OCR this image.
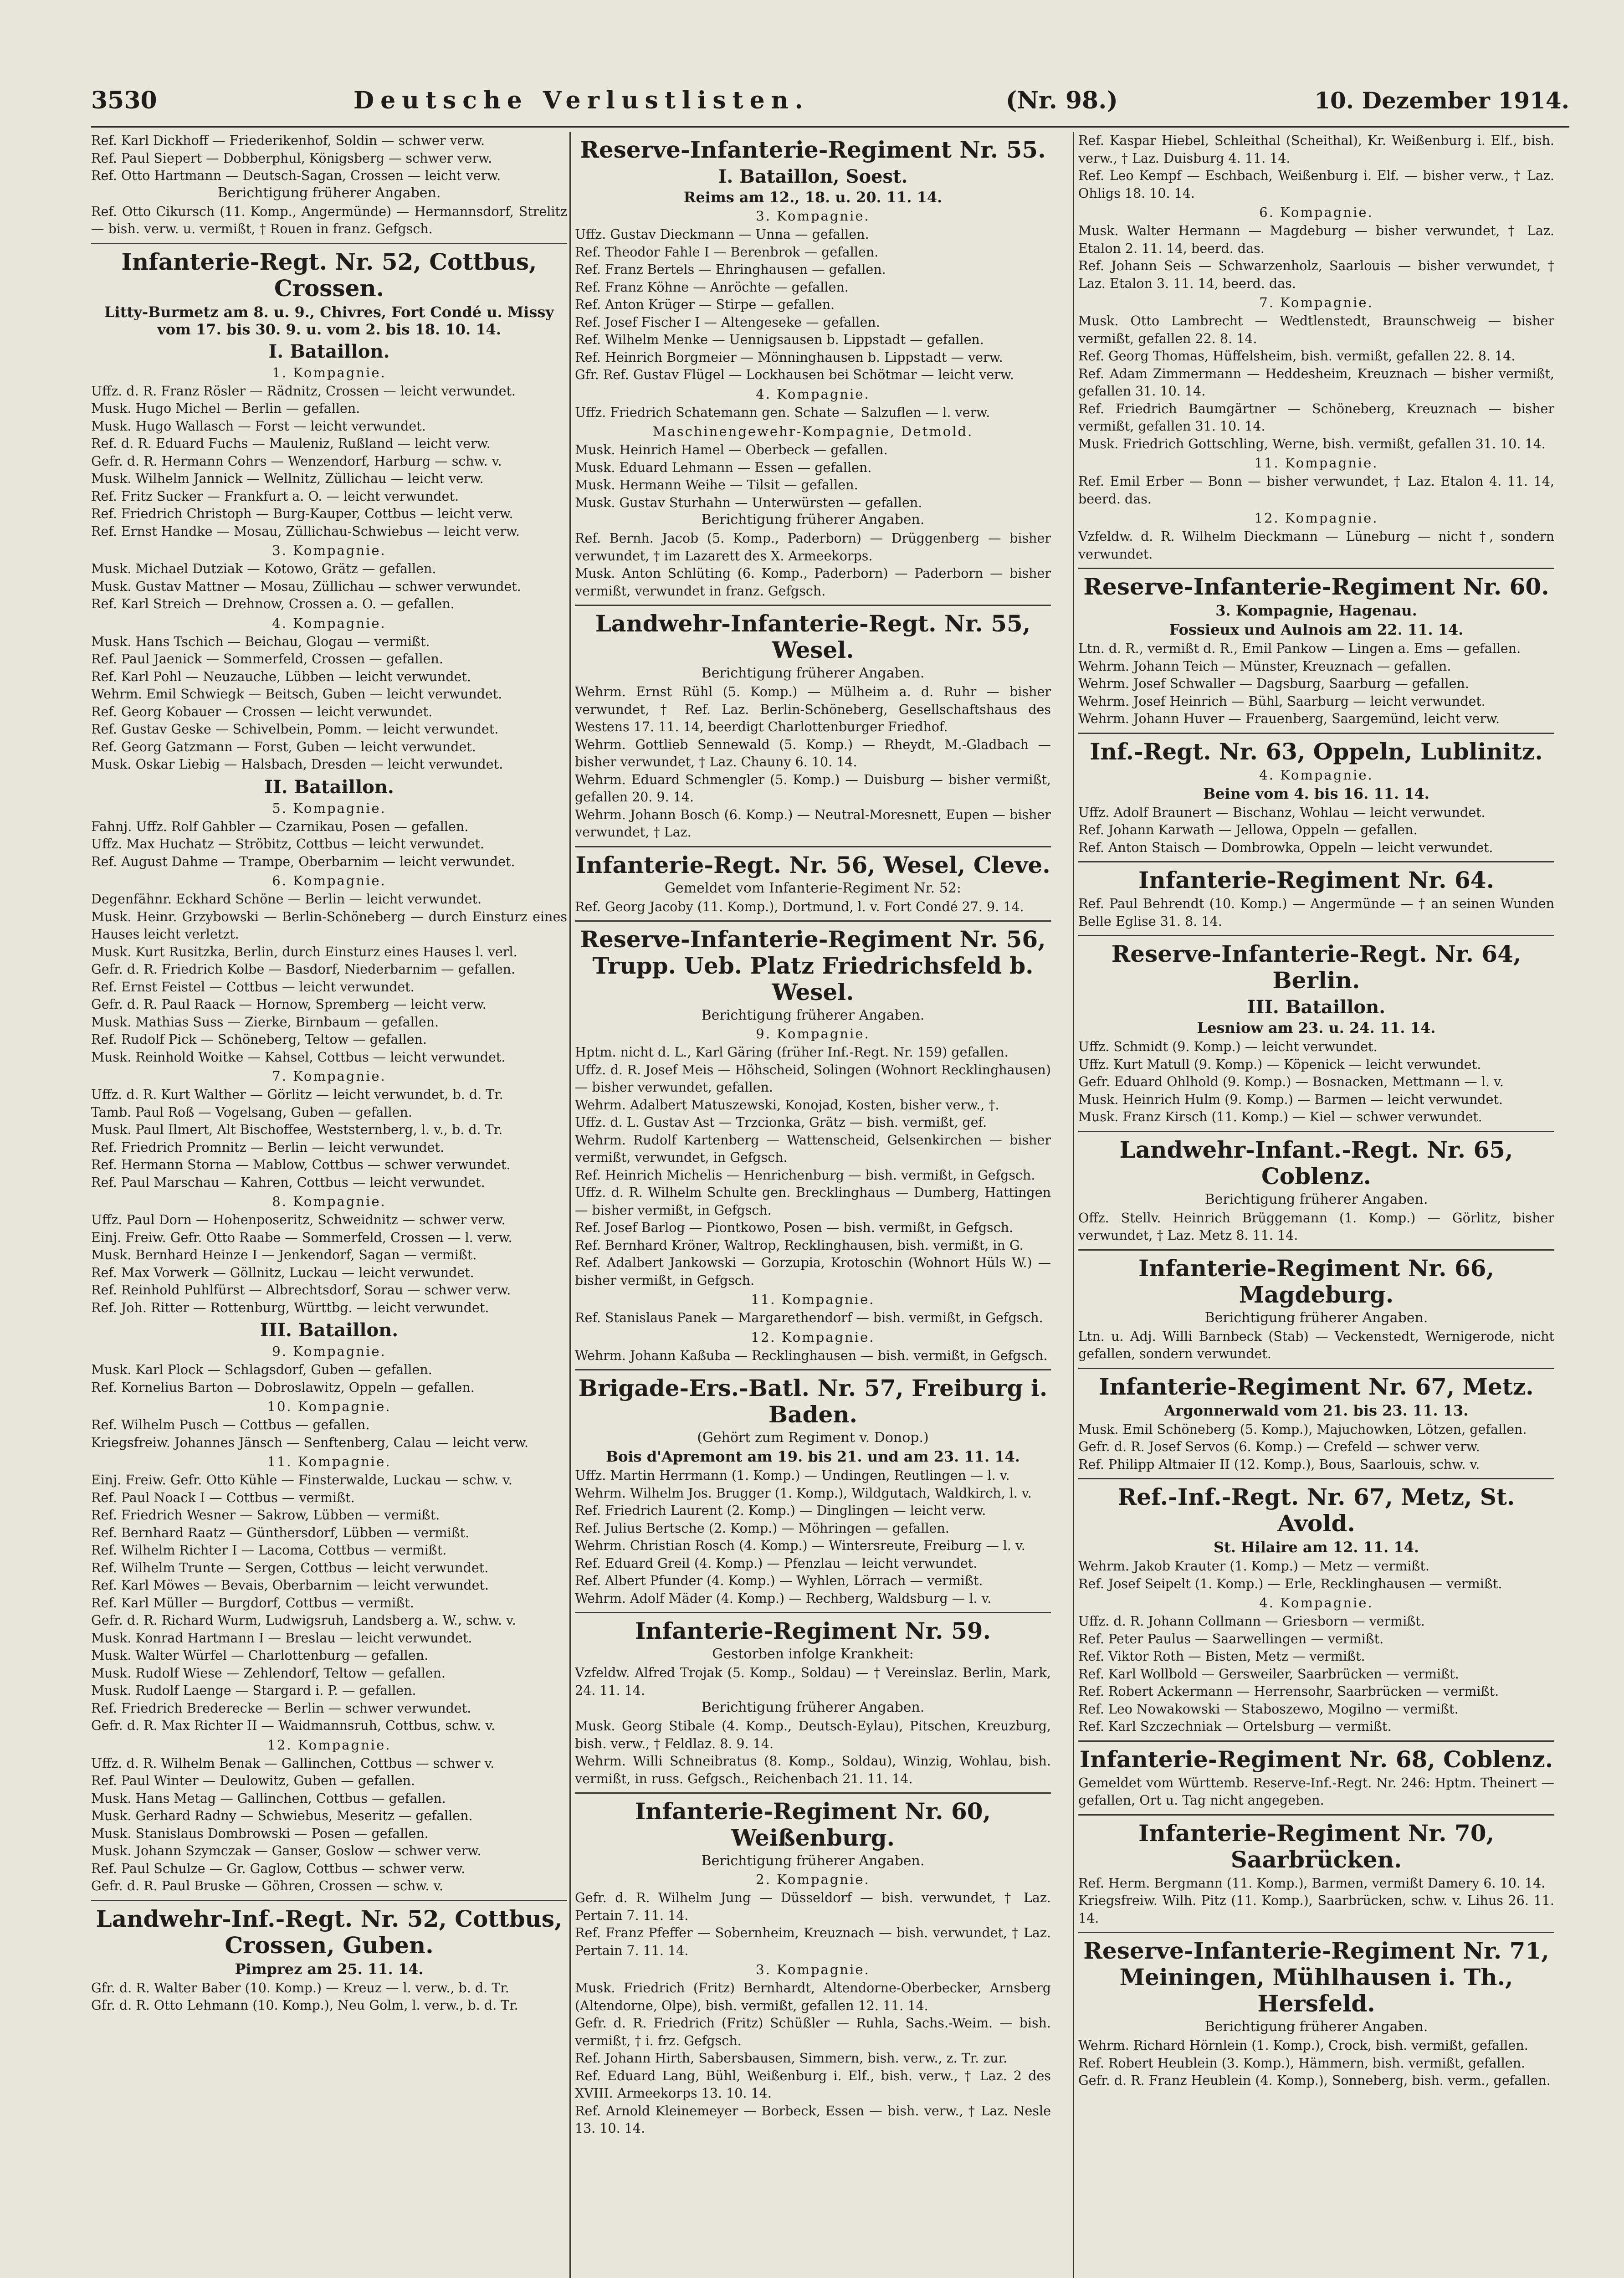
3530	Deutsche Verlustlisten.	(Nr. 98.)	10. Dezember 1914.
Ref. Karl Dickhoff — Friederikenhof, Soldin — schwer verw.
Ref. Paul Siepert — Dobberphul, Königsberg — schwer verw.
Ref. Otto Hartmann — Deutsch-Sagan, Crossen — leicht verw.
Berichtigung früherer Angaben.
Ref. Otto Cikursch (11. Komp., Angermünde) — Hermannsdorf, Strelitz — bish. verw. u. vermißt, † Rouen in franz. Gefgsch.
Infanterie-Regt. Nr. 52, Cottbus, Crossen.
Litty-Burmetz am 8. u. 9., Chivres, Fort Condé u. Missy vom 17. bis 30. 9. u. vom 2. bis 18. 10. 14.
I. Bataillon.
1. Kompagnie.
Uffz. d. R. Franz Rösler — Rädnitz, Crossen — leicht verwundet.
Musk. Hugo Michel — Berlin — gefallen.
Musk. Hugo Wallasch — Forst — leicht verwundet.
Ref. d. R. Eduard Fuchs — Mauleniz, Rußland — leicht verw.
Gefr. d. R. Hermann Cohrs — Wenzendorf, Harburg — schw. v.
Musk. Wilhelm Jannick — Wellnitz, Züllichau — leicht verw.
Ref. Fritz Sucker — Frankfurt a. O. — leicht verwundet.
Ref. Friedrich Christoph — Burg-Kauper, Cottbus — leicht verw.
Ref. Ernst Handke — Mosau, Züllichau-Schwiebus — leicht verw.
3. Kompagnie.
Musk. Michael Dutziak — Kotowo, Grätz — gefallen.
Musk. Gustav Mattner — Mosau, Züllichau — schwer verwundet.
Ref. Karl Streich — Drehnow, Crossen a. O. — gefallen.
4. Kompagnie.
Musk. Hans Tschich — Beichau, Glogau — vermißt.
Ref. Paul Jaenick — Sommerfeld, Crossen — gefallen.
Ref. Karl Pohl — Neuzauche, Lübben — leicht verwundet.
Wehrm. Emil Schwiegk — Beitsch, Guben — leicht verwundet.
Ref. Georg Kobauer — Crossen — leicht verwundet.
Ref. Gustav Geske — Schivelbein, Pomm. — leicht verwundet.
Ref. Georg Gatzmann — Forst, Guben — leicht verwundet.
Musk. Oskar Liebig — Halsbach, Dresden — leicht verwundet.
II. Bataillon.
5. Kompagnie.
Fahnj. Uffz. Rolf Gahbler — Czarnikau, Posen — gefallen.
Uffz. Max Huchatz — Ströbitz, Cottbus — leicht verwundet.
Ref. August Dahme — Trampe, Oberbarnim — leicht verwundet.
6. Kompagnie.
Degenfähnr. Eckhard Schöne — Berlin — leicht verwundet.
Musk. Heinr. Grzybowski — Berlin-Schöneberg — durch Einsturz eines Hauses leicht verletzt.
Musk. Kurt Rusitzka, Berlin, durch Einsturz eines Hauses l. verl.
Gefr. d. R. Friedrich Kolbe — Basdorf, Niederbarnim — gefallen.
Ref. Ernst Feistel — Cottbus — leicht verwundet.
Gefr. d. R. Paul Raack — Hornow, Spremberg — leicht verw.
Musk. Mathias Suss — Zierke, Birnbaum — gefallen.
Ref. Rudolf Pick — Schöneberg, Teltow — gefallen.
Musk. Reinhold Woitke — Kahsel, Cottbus — leicht verwundet.
7. Kompagnie.
Uffz. d. R. Kurt Walther — Görlitz — leicht verwundet, b. d. Tr.
Tamb. Paul Roß — Vogelsang, Guben — gefallen.
Musk. Paul Ilmert, Alt Bischoffee, Weststernberg, l. v., b. d. Tr.
Ref. Friedrich Promnitz — Berlin — leicht verwundet.
Ref. Hermann Storna — Mablow, Cottbus — schwer verwundet.
Ref. Paul Marschau — Kahren, Cottbus — leicht verwundet.
8. Kompagnie.
Uffz. Paul Dorn — Hohenposeritz, Schweidnitz — schwer verw.
Einj. Freiw. Gefr. Otto Raabe — Sommerfeld, Crossen — l. verw.
Musk. Bernhard Heinze I — Jenkendorf, Sagan — vermißt.
Ref. Max Vorwerk — Göllnitz, Luckau — leicht verwundet.
Ref. Reinhold Puhlfürst — Albrechtsdorf, Sorau — schwer verw.
Ref. Joh. Ritter — Rottenburg, Württbg. — leicht verwundet.
III. Bataillon.
9. Kompagnie.
Musk. Karl Plock — Schlagsdorf, Guben — gefallen.
Ref. Kornelius Barton — Dobroslawitz, Oppeln — gefallen.
10. Kompagnie.
Ref. Wilhelm Pusch — Cottbus — gefallen.
Kriegsfreiw. Johannes Jänsch — Senftenberg, Calau — leicht verw.
11. Kompagnie.
Einj. Freiw. Gefr. Otto Kühle — Finsterwalde, Luckau — schw. v.
Ref. Paul Noack I — Cottbus — vermißt.
Ref. Friedrich Wesner — Sakrow, Lübben — vermißt.
Ref. Bernhard Raatz — Günthersdorf, Lübben — vermißt.
Ref. Wilhelm Richter I — Lacoma, Cottbus — vermißt.
Ref. Wilhelm Trunte — Sergen, Cottbus — leicht verwundet.
Ref. Karl Möwes — Bevais, Oberbarnim — leicht verwundet.
Ref. Karl Müller — Burgdorf, Cottbus — vermißt.
Gefr. d. R. Richard Wurm, Ludwigsruh, Landsberg a. W., schw. v.
Musk. Konrad Hartmann I — Breslau — leicht verwundet.
Musk. Walter Würfel — Charlottenburg — gefallen.
Musk. Rudolf Wiese — Zehlendorf, Teltow — gefallen.
Musk. Rudolf Laenge — Stargard i. P. — gefallen.
Ref. Friedrich Brederecke — Berlin — schwer verwundet.
Gefr. d. R. Max Richter II — Waidmannsruh, Cottbus, schw. v.
12. Kompagnie.
Uffz. d. R. Wilhelm Benak — Gallinchen, Cottbus — schwer v.
Ref. Paul Winter — Deulowitz, Guben — gefallen.
Musk. Hans Metag — Gallinchen, Cottbus — gefallen.
Musk. Gerhard Radny — Schwiebus, Meseritz — gefallen.
Musk. Stanislaus Dombrowski — Posen — gefallen.
Musk. Johann Szymczak — Ganser, Goslow — schwer verw.
Ref. Paul Schulze — Gr. Gaglow, Cottbus — schwer verw.
Gefr. d. R. Paul Bruske — Göhren, Crossen — schw. v.
Landwehr-Inf.-Regt. Nr. 52, Cottbus, Crossen, Guben.
Pimprez am 25. 11. 14.
Gfr. d. R. Walter Baber (10. Komp.) — Kreuz — l. verw., b. d. Tr.
Gfr. d. R. Otto Lehmann (10. Komp.), Neu Golm, l. verw., b. d. Tr.
Reserve-Infanterie-Regiment Nr. 55.
I. Bataillon, Soest.
Reims am 12., 18. u. 20. 11. 14.
3. Kompagnie.
Uffz. Gustav Dieckmann — Unna — gefallen.
Ref. Theodor Fahle I — Berenbrok — gefallen.
Ref. Franz Bertels — Ehringhausen — gefallen.
Ref. Franz Köhne — Anröchte — gefallen.
Ref. Anton Krüger — Stirpe — gefallen.
Ref. Josef Fischer I — Altengeseke — gefallen.
Ref. Wilhelm Menke — Uennigsausen b. Lippstadt — gefallen.
Ref. Heinrich Borgmeier — Mönninghausen b. Lippstadt — verw.
Gfr. Ref. Gustav Flügel — Lockhausen bei Schötmar — leicht verw.
4. Kompagnie.
Uffz. Friedrich Schatemann gen. Schate — Salzuflen — l. verw.
Maschinengewehr-Kompagnie, Detmold.
Musk. Heinrich Hamel — Oberbeck — gefallen.
Musk. Eduard Lehmann — Essen — gefallen.
Musk. Hermann Weihe — Tilsit — gefallen.
Musk. Gustav Sturhahn — Unterwürsten — gefallen.
Berichtigung früherer Angaben.
Ref. Bernh. Jacob (5. Komp., Paderborn) — Drüggenberg — bisher verwundet, † im Lazarett des X. Armeekorps.
Musk. Anton Schlüting (6. Komp., Paderborn) — Paderborn — bisher vermißt, verwundet in franz. Gefgsch.
Landwehr-Infanterie-Regt. Nr. 55, Wesel.
Berichtigung früherer Angaben.
Wehrm. Ernst Rühl (5. Komp.) — Mülheim a. d. Ruhr — bisher verwundet, † Ref. Laz. Berlin-Schöneberg, Gesellschaftshaus des Westens 17. 11. 14, beerdigt Charlottenburger Friedhof.
Wehrm. Gottlieb Sennewald (5. Komp.) — Rheydt, M.-Gladbach — bisher verwundet, † Laz. Chauny 6. 10. 14.
Wehrm. Eduard Schmengler (5. Komp.) — Duisburg — bisher vermißt, gefallen 20. 9. 14.
Wehrm. Johann Bosch (6. Komp.) — Neutral-Moresnett, Eupen — bisher verwundet, † Laz.
Infanterie-Regt. Nr. 56, Wesel, Cleve.
Gemeldet vom Infanterie-Regiment Nr. 52:
Ref. Georg Jacoby (11. Komp.), Dortmund, l. v. Fort Condé 27. 9. 14.
Reserve-Infanterie-Regiment Nr. 56, Trupp. Ueb. Platz Friedrichsfeld b. Wesel.
Berichtigung früherer Angaben.
9. Kompagnie.
Hptm. nicht d. L., Karl Gäring (früher Inf.-Regt. Nr. 159) gefallen.
Uffz. d. R. Josef Meis — Höhscheid, Solingen (Wohnort Recklinghausen) — bisher verwundet, gefallen.
Wehrm. Adalbert Matuszewski, Konojad, Kosten, bisher verw., †.
Uffz. d. L. Gustav Ast — Trzcionka, Grätz — bish. vermißt, gef.
Wehrm. Rudolf Kartenberg — Wattenscheid, Gelsenkirchen — bisher vermißt, verwundet, in Gefgsch.
Ref. Heinrich Michelis — Henrichenburg — bish. vermißt, in Gefgsch.
Uffz. d. R. Wilhelm Schulte gen. Brecklinghaus — Dumberg, Hattingen — bisher vermißt, in Gefgsch.
Ref. Josef Barlog — Piontkowo, Posen — bish. vermißt, in Gefgsch.
Ref. Bernhard Kröner, Waltrop, Recklinghausen, bish. vermißt, in G.
Ref. Adalbert Jankowski — Gorzupia, Krotoschin (Wohnort Hüls W.) — bisher vermißt, in Gefgsch.
11. Kompagnie.
Ref. Stanislaus Panek — Margarethendorf — bish. vermißt, in Gefgsch.
12. Kompagnie.
Wehrm. Johann Kaßuba — Recklinghausen — bish. vermißt, in Gefgsch.
Brigade-Ers.-Batl. Nr. 57, Freiburg i. Baden.
(Gehört zum Regiment v. Donop.)
Bois d'Apremont am 19. bis 21. und am 23. 11. 14.
Uffz. Martin Herrmann (1. Komp.) — Undingen, Reutlingen — l. v.
Wehrm. Wilhelm Jos. Brugger (1. Komp.), Wildgutach, Waldkirch, l. v.
Ref. Friedrich Laurent (2. Komp.) — Dinglingen — leicht verw.
Ref. Julius Bertsche (2. Komp.) — Möhringen — gefallen.
Wehrm. Christian Rosch (4. Komp.) — Wintersreute, Freiburg — l. v.
Ref. Eduard Greil (4. Komp.) — Pfenzlau — leicht verwundet.
Ref. Albert Pfunder (4. Komp.) — Wyhlen, Lörrach — vermißt.
Wehrm. Adolf Mäder (4. Komp.) — Rechberg, Waldsburg — l. v.
Infanterie-Regiment Nr. 59.
Gestorben infolge Krankheit:
Vzfeldw. Alfred Trojak (5. Komp., Soldau) — † Vereinslaz. Berlin, Mark, 24. 11. 14.
Berichtigung früherer Angaben.
Musk. Georg Stibale (4. Komp., Deutsch-Eylau), Pitschen, Kreuzburg, bish. verw., † Feldlaz. 8. 9. 14.
Wehrm. Willi Schneibratus (8. Komp., Soldau), Winzig, Wohlau, bish. vermißt, in russ. Gefgsch., Reichenbach 21. 11. 14.
Infanterie-Regiment Nr. 60, Weißenburg.
Berichtigung früherer Angaben.
2. Kompagnie.
Gefr. d. R. Wilhelm Jung — Düsseldorf — bish. verwundet, † Laz. Pertain 7. 11. 14.
Ref. Franz Pfeffer — Sobernheim, Kreuznach — bish. verwundet, † Laz. Pertain 7. 11. 14.
3. Kompagnie.
Musk. Friedrich (Fritz) Bernhardt, Altendorne-Oberbecker, Arnsberg (Altendorne, Olpe), bish. vermißt, gefallen 12. 11. 14.
Gefr. d. R. Friedrich (Fritz) Schüßler — Ruhla, Sachs.-Weim. — bish. vermißt, † i. frz. Gefgsch.
Ref. Johann Hirth, Sabersbausen, Simmern, bish. verw., z. Tr. zur.
Ref. Eduard Lang, Bühl, Weißenburg i. Elf., bish. verw., † Laz. 2 des XVIII. Armeekorps 13. 10. 14.
Ref. Arnold Kleinemeyer — Borbeck, Essen — bish. verw., † Laz. Nesle 13. 10. 14.
Ref. Kaspar Hiebel, Schleithal (Scheithal), Kr. Weißenburg i. Elf., bish. verw., † Laz. Duisburg 4. 11. 14.
Ref. Leo Kempf — Eschbach, Weißenburg i. Elf. — bisher verw., † Laz. Ohligs 18. 10. 14.
6. Kompagnie.
Musk. Walter Hermann — Magdeburg — bisher verwundet, † Laz. Etalon 2. 11. 14, beerd. das.
Ref. Johann Seis — Schwarzenholz, Saarlouis — bisher verwundet, † Laz. Etalon 3. 11. 14, beerd. das.
7. Kompagnie.
Musk. Otto Lambrecht — Wedtlenstedt, Braunschweig — bisher vermißt, gefallen 22. 8. 14.
Ref. Georg Thomas, Hüffelsheim, bish. vermißt, gefallen 22. 8. 14.
Ref. Adam Zimmermann — Heddesheim, Kreuznach — bisher vermißt, gefallen 31. 10. 14.
Ref. Friedrich Baumgärtner — Schöneberg, Kreuznach — bisher vermißt, gefallen 31. 10. 14.
Musk. Friedrich Gottschling, Werne, bish. vermißt, gefallen 31. 10. 14.
11. Kompagnie.
Ref. Emil Erber — Bonn — bisher verwundet, † Laz. Etalon 4. 11. 14, beerd. das.
12. Kompagnie.
Vzfeldw. d. R. Wilhelm Dieckmann — Lüneburg — nicht †, sondern verwundet.
Reserve-Infanterie-Regiment Nr. 60.
3. Kompagnie, Hagenau.
Fossieux und Aulnois am 22. 11. 14.
Ltn. d. R., vermißt d. R., Emil Pankow — Lingen a. Ems — gefallen.
Wehrm. Johann Teich — Münster, Kreuznach — gefallen.
Wehrm. Josef Schwaller — Dagsburg, Saarburg — gefallen.
Wehrm. Josef Heinrich — Bühl, Saarburg — leicht verwundet.
Wehrm. Johann Huver — Frauenberg, Saargemünd, leicht verw.
Inf.-Regt. Nr. 63, Oppeln, Lublinitz.
4. Kompagnie.
Beine vom 4. bis 16. 11. 14.
Uffz. Adolf Braunert — Bischanz, Wohlau — leicht verwundet.
Ref. Johann Karwath — Jellowa, Oppeln — gefallen.
Ref. Anton Staisch — Dombrowka, Oppeln — leicht verwundet.
Infanterie-Regiment Nr. 64.
Ref. Paul Behrendt (10. Komp.) — Angermünde — † an seinen Wunden Belle Eglise 31. 8. 14.
Reserve-Infanterie-Regt. Nr. 64, Berlin.
III. Bataillon.
Lesniow am 23. u. 24. 11. 14.
Uffz. Schmidt (9. Komp.) — leicht verwundet.
Uffz. Kurt Matull (9. Komp.) — Köpenick — leicht verwundet.
Gefr. Eduard Ohlhold (9. Komp.) — Bosnacken, Mettmann — l. v.
Musk. Heinrich Hulm (9. Komp.) — Barmen — leicht verwundet.
Musk. Franz Kirsch (11. Komp.) — Kiel — schwer verwundet.
Landwehr-Infant.-Regt. Nr. 65, Coblenz.
Berichtigung früherer Angaben.
Offz. Stellv. Heinrich Brüggemann (1. Komp.) — Görlitz, bisher verwundet, † Laz. Metz 8. 11. 14.
Infanterie-Regiment Nr. 66, Magdeburg.
Berichtigung früherer Angaben.
Ltn. u. Adj. Willi Barnbeck (Stab) — Veckenstedt, Wernigerode, nicht gefallen, sondern verwundet.
Infanterie-Regiment Nr. 67, Metz.
Argonnerwald vom 21. bis 23. 11. 13.
Musk. Emil Schöneberg (5. Komp.), Majuchowken, Lötzen, gefallen.
Gefr. d. R. Josef Servos (6. Komp.) — Crefeld — schwer verw.
Ref. Philipp Altmaier II (12. Komp.), Bous, Saarlouis, schw. v.
Ref.-Inf.-Regt. Nr. 67, Metz, St. Avold.
St. Hilaire am 12. 11. 14.
Wehrm. Jakob Krauter (1. Komp.) — Metz — vermißt.
Ref. Josef Seipelt (1. Komp.) — Erle, Recklinghausen — vermißt.
4. Kompagnie.
Uffz. d. R. Johann Collmann — Griesborn — vermißt.
Ref. Peter Paulus — Saarwellingen — vermißt.
Ref. Viktor Roth — Bisten, Metz — vermißt.
Ref. Karl Wollbold — Gersweiler, Saarbrücken — vermißt.
Ref. Robert Ackermann — Herrensohr, Saarbrücken — vermißt.
Ref. Leo Nowakowski — Staboszewo, Mogilno — vermißt.
Ref. Karl Szczechniak — Ortelsburg — vermißt.
Infanterie-Regiment Nr. 68, Coblenz.
Gemeldet vom Württemb. Reserve-Inf.-Regt. Nr. 246: Hptm. Theinert — gefallen, Ort u. Tag nicht angegeben.
Infanterie-Regiment Nr. 70, Saarbrücken.
Ref. Herm. Bergmann (11. Komp.), Barmen, vermißt Damery 6. 10. 14.
Kriegsfreiw. Wilh. Pitz (11. Komp.), Saarbrücken, schw. v. Lihus 26. 11. 14.
Reserve-Infanterie-Regiment Nr. 71, Meiningen, Mühlhausen i. Th., Hersfeld.
Berichtigung früherer Angaben.
Wehrm. Richard Hörnlein (1. Komp.), Crock, bish. vermißt, gefallen.
Ref. Robert Heublein (3. Komp.), Hämmern, bish. vermißt, gefallen.
Gefr. d. R. Franz Heublein (4. Komp.), Sonneberg, bish. verm., gefallen.
